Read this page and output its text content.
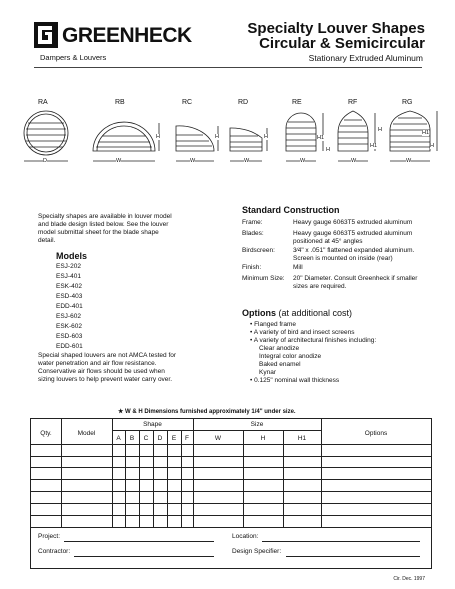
GREENHECK
Dampers & Louvers
Specialty Louver Shapes
Circular & Semicircular
Stationary Extruded Aluminum
RA	RB	RC	RD	RE	RF	RG
D	W
H
W
H
W
H
W
H1
H
W
H1
H
W
H1
H
Specialty shapes are available in louver model and blade design listed below. See the louver model submittal sheet for the blade shape detail.
Models
ESJ-202
ESJ-401
ESK-402
ESD-403
EDD-401
ESJ-602
ESK-602
ESD-603
EDD-601
Special shaped louvers are not AMCA tested for water penetration and air flow resistance. Conservative air flows should be used when sizing louvers to help prevent water carry over.
Standard Construction
Frame:	Heavy gauge 6063T5 extruded aluminum
Blades:	Heavy gauge 6063T5 extruded aluminum positioned at 45° angles
Birdscreen:	3⁄4" x .051" flattened expanded aluminum. Screen is mounted on inside (rear)
Finish:	Mill
Minimum Size: 20" Diameter. Consult Greenheck if smaller sizes are required.
Options (at additional cost)
• Flanged frame
• A variety of bird and insect screens
• A variety of architectural finishes including:
Clear anodize
Integral color anodize
Baked enamel
Kynar
• 0.125" nominal wall thickness
★ W & H Dimensions furnished approximately 1/4" under size.
Qty.	Model
Shape
A	B	C	D	E	F
Size
W	H	H1
Options
Project:	Location:
Contractor:	Design Specifier:
Cir. Dec. 1997
